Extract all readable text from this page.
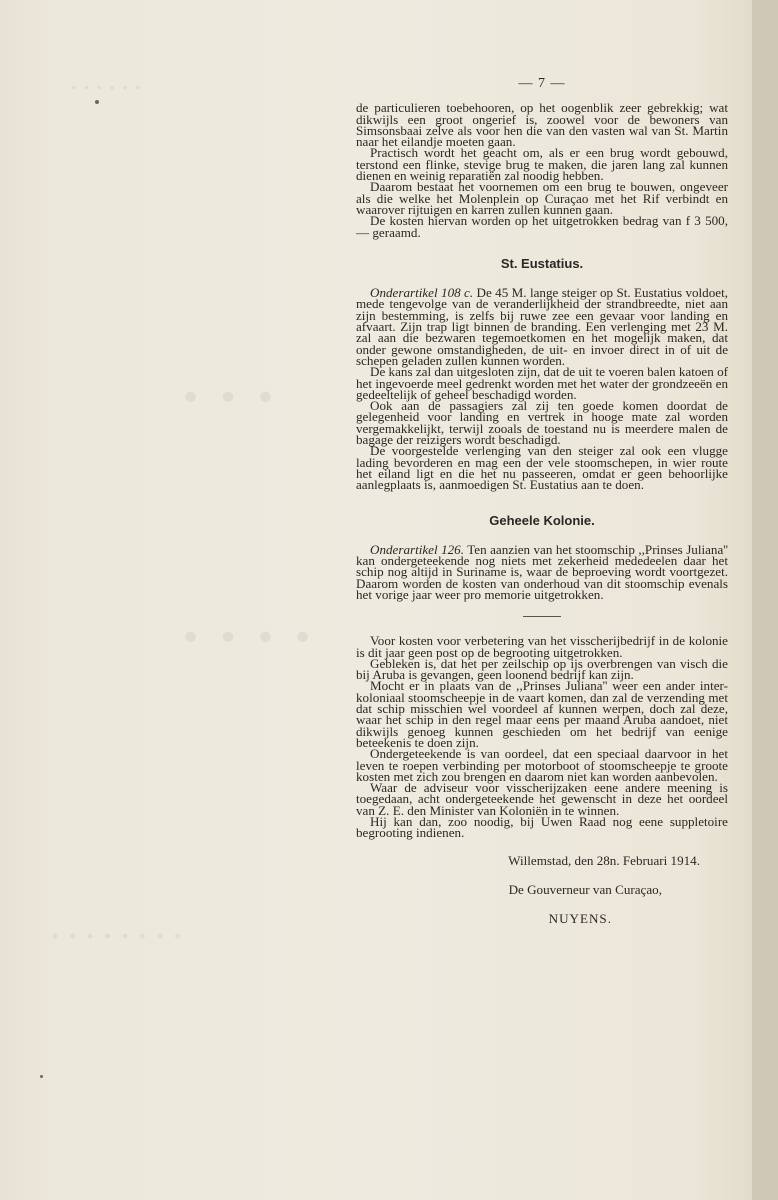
· · · · · ·
· · ·
· · · ·
· · · · · · · ·
— 7 —

de particulieren toebehooren, op het oogenblik zeer gebrekkig; wat dikwijls een groot ongerief is, zoowel voor de bewoners van Simsonsbaai zelve als voor hen die van den vasten wal van St. Martin naar het eilandje moeten gaan.

Practisch wordt het geacht om, als er een brug wordt gebouwd, terstond een flinke, stevige brug te maken, die jaren lang zal kunnen dienen en weinig reparatiën zal noodig hebben.

Daarom bestaat het voornemen om een brug te bouwen, ongeveer als die welke het Molenplein op Curaçao met het Rif verbindt en waarover rijtuigen en karren zullen kunnen gaan.

De kosten hiervan worden op het uitgetrokken bedrag van f 3 500,— geraamd.

St. Eustatius.

Onderartikel 108 c. De 45 M. lange steiger op St. Eustatius voldoet, mede tengevolge van de veranderlijkheid der strandbreedte, niet aan zijn bestemming, is zelfs bij ruwe zee een gevaar voor landing en afvaart. Zijn trap ligt binnen de branding. Een verlenging met 23 M. zal aan die bezwaren tegemoetkomen en het mogelijk maken, dat onder gewone omstandigheden, de uit- en invoer direct in of uit de schepen geladen zullen kunnen worden.

De kans zal dan uitgesloten zijn, dat de uit te voeren balen katoen of het ingevoerde meel gedrenkt worden met het water der grondzeeën en gedeeltelijk of geheel beschadigd worden.

Ook aan de passagiers zal zij ten goede komen doordat de gelegenheid voor landing en vertrek in hooge mate zal worden vergemakkelijkt, terwijl zooals de toestand nu is meerdere malen de bagage der reizigers wordt beschadigd.

De voorgestelde verlenging van den steiger zal ook een vlugge lading bevorderen en mag een der vele stoomschepen, in wier route het eiland ligt en die het nu passeeren, omdat er geen behoorlijke aanlegplaats is, aanmoedigen St. Eustatius aan te doen.

Geheele Kolonie.

Onderartikel 126. Ten aanzien van het stoomschip ,,Prinses Juliana'' kan ondergeteekende nog niets met zekerheid mededeelen daar het schip nog altijd in Suriname is, waar de beproeving wordt voortgezet. Daarom worden de kosten van onderhoud van dit stoomschip evenals het vorige jaar weer pro memorie uitgetrokken.

Voor kosten voor verbetering van het visscherijbedrijf in de kolonie is dit jaar geen post op de begrooting uitgetrokken.

Gebleken is, dat het per zeilschip op ijs overbrengen van visch die bij Aruba is gevangen, geen loonend bedrijf kan zijn.

Mocht er in plaats van de ,,Prinses Juliana'' weer een ander inter-koloniaal stoomscheepje in de vaart komen, dan zal de verzending met dat schip misschien wel voordeel af kunnen werpen, doch zal deze, waar het schip in den regel maar eens per maand Aruba aandoet, niet dikwijls genoeg kunnen geschieden om het bedrijf van eenige beteekenis te doen zijn.

Ondergeteekende is van oordeel, dat een speciaal daarvoor in het leven te roepen verbinding per motorboot of stoomscheepje te groote kosten met zich zou brengen en daarom niet kan worden aanbevolen.

Waar de adviseur voor visscherijzaken eene andere meening is toegedaan, acht ondergeteekende het gewenscht in deze het oordeel van Z. E. den Minister van Koloniën in te winnen.

Hij kan dan, zoo noodig, bij Uwen Raad nog eene suppletoire begrooting indienen.

Willemstad, den 28n. Februari 1914.
De Gouverneur van Curaçao,
NUYENS.
